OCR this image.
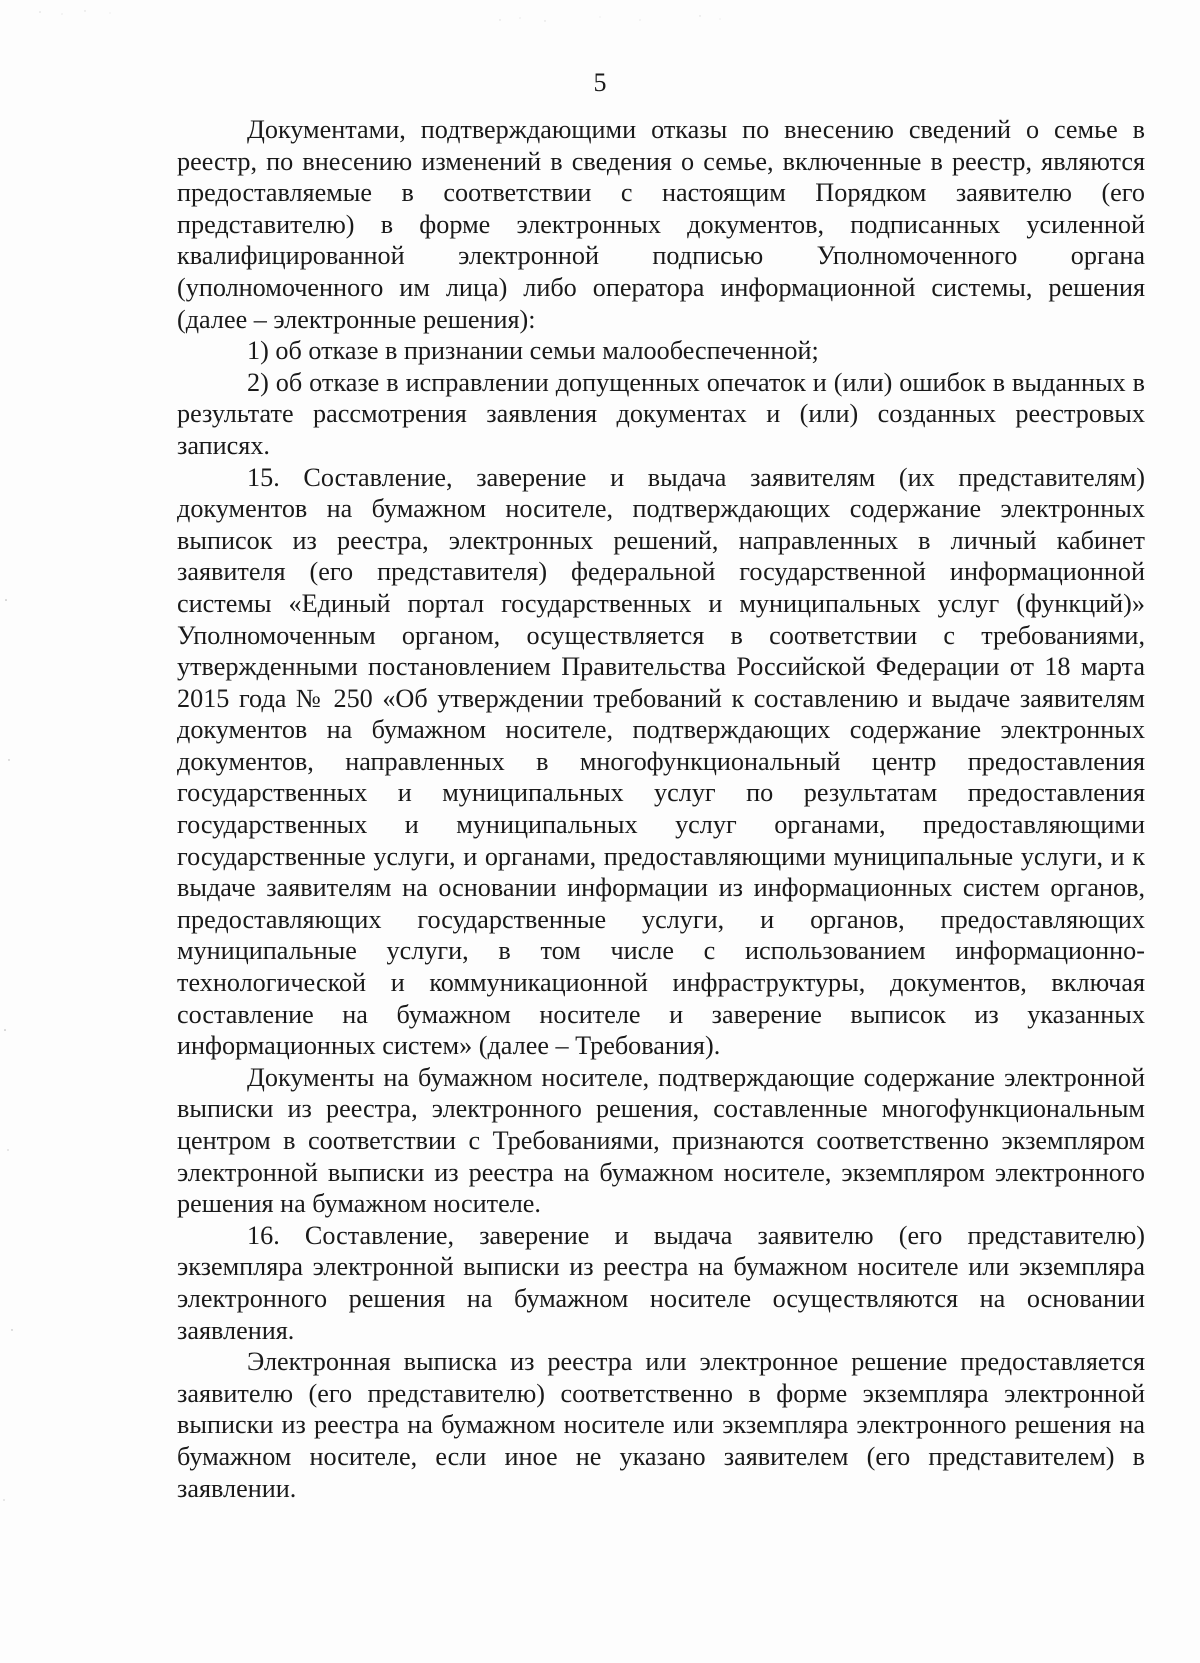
5

Документами, подтверждающими отказы по внесению сведений о семье в реестр, по внесению изменений в сведения о семье, включенные в реестр, являются предоставляемые в соответствии с настоящим Порядком заявителю (его представителю) в форме электронных документов, подписанных усиленной квалифицированной электронной подписью Уполномоченного органа (уполномоченного им лица) либо оператора информационной системы, решения (далее – электронные решения):

1) об отказе в признании семьи малообеспеченной;

2) об отказе в исправлении допущенных опечаток и (или) ошибок в выданных в результате рассмотрения заявления документах и (или) созданных реестровых записях.

15. Составление, заверение и выдача заявителям (их представителям) документов на бумажном носителе, подтверждающих содержание электронных выписок из реестра, электронных решений, направленных в личный кабинет заявителя (его представителя) федеральной государственной информационной системы «Единый портал государственных и муниципальных услуг (функций)» Уполномоченным органом, осуществляется в соответствии с требованиями, утвержденными постановлением Правительства Российской Федерации от 18 марта 2015 года № 250 «Об утверждении требований к составлению и выдаче заявителям документов на бумажном носителе, подтверждающих содержание электронных документов, направленных в многофункциональный центр предоставления государственных и муниципальных услуг по результатам предоставления государственных и муниципальных услуг органами, предоставляющими государственные услуги, и органами, предоставляющими муниципальные услуги, и к выдаче заявителям на основании информации из информационных систем органов, предоставляющих государственные услуги, и органов, предоставляющих муниципальные услуги, в том числе с использованием информационно-технологической и коммуникационной инфраструктуры, документов, включая составление на бумажном носителе и заверение выписок из указанных информационных систем» (далее – Требования).

Документы на бумажном носителе, подтверждающие содержание электронной выписки из реестра, электронного решения, составленные многофункциональным центром в соответствии с Требованиями, признаются соответственно экземпляром электронной выписки из реестра на бумажном носителе, экземпляром электронного решения на бумажном носителе.

16. Составление, заверение и выдача заявителю (его представителю) экземпляра электронной выписки из реестра на бумажном носителе или экземпляра электронного решения на бумажном носителе осуществляются на основании заявления.

Электронная выписка из реестра или электронное решение предоставляется заявителю (его представителю) соответственно в форме экземпляра электронной выписки из реестра на бумажном носителе или экземпляра электронного решения на бумажном носителе, если иное не указано заявителем (его представителем) в заявлении.
